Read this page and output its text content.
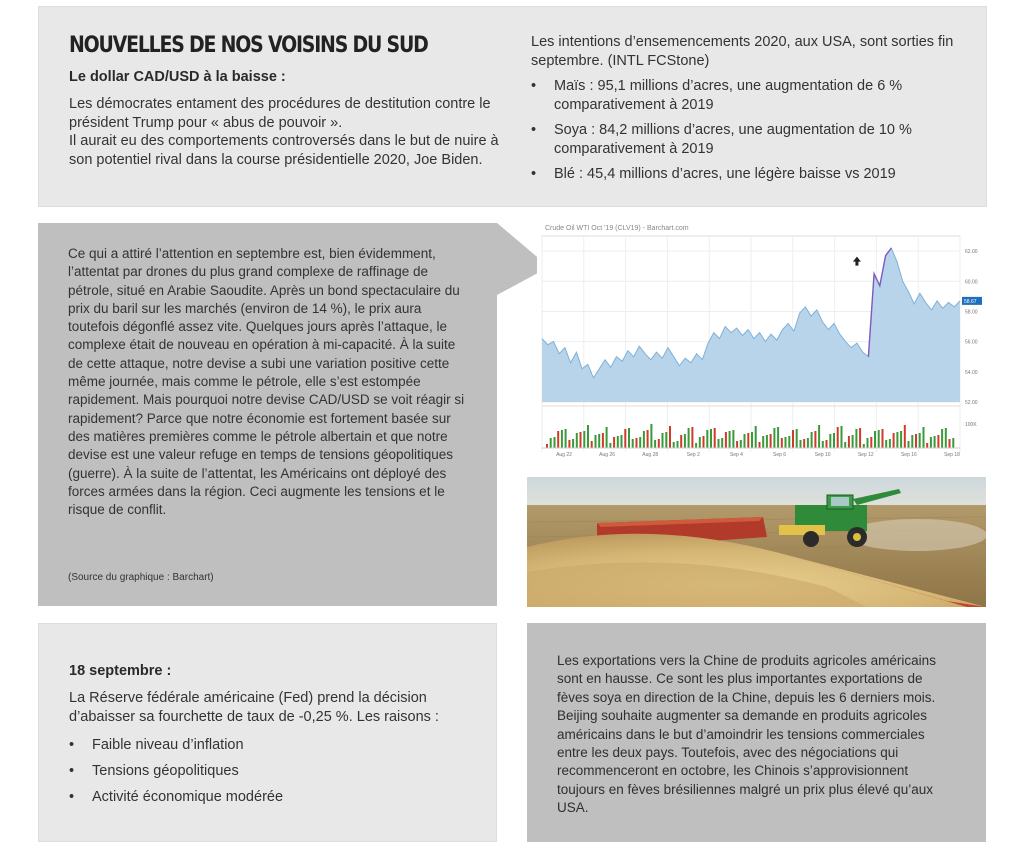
NOUVELLES DE NOS VOISINS DU SUD

Le dollar CAD/USD à la baisse :

Les démocrates entament des procédures de destitution contre le président Trump pour « abus de pouvoir ».
Il aurait eu des comportements controversés dans le but de nuire à son potentiel rival dans la course présidentielle 2020, Joe Biden.

Les intentions d’ensemencements 2020, aux USA, sont sorties fin septembre. (INTL FCStone)

• Maïs : 95,1 millions d’acres, une augmentation de 6 % comparativement à 2019
• Soya : 84,2 millions d’acres, une augmentation de 10 % comparativement à 2019
• Blé : 45,4 millions d’acres, une légère baisse vs 2019

Ce qui a attiré l’attention en septembre est, bien évidemment, l’attentat par drones du plus grand complexe de raffinage de pétrole, situé en Arabie Saoudite. Après un bond spectaculaire du prix du baril sur les marchés (environ de 14 %), le prix aura toutefois dégonflé assez vite. Quelques jours après l’attaque, le complexe était de nouveau en opération à mi-capacité. À la suite de cette attaque, notre devise a subi une variation positive cette même journée, mais comme le pétrole, elle s’est estompée rapidement. Mais pourquoi notre devise CAD/USD se voit réagir si rapidement? Parce que notre économie est fortement basée sur des matières premières comme le pétrole albertain et que notre devise est une valeur refuge en temps de tensions géopolitiques (guerre). À la suite de l’attentat, les Américains ont déployé des forces armées dans la région. Ceci augmente les tensions et le risque de conflit.

(Source du graphique : Barchart)

Crude Oil WTI Oct '19 (CLV19) - Barchart.com
62.00
60.00
58.00
56.00
54.00
52.00
58.67
100K
Aug 22	Aug 26	Aug 28	Sep 2	Sep 4	Sep 6	Sep 10	Sep 12	Sep 16	Sep 18

18 septembre :

La Réserve fédérale américaine (Fed) prend la décision d’abaisser sa fourchette de taux de -0,25 %. Les raisons :

• Faible niveau d’inflation
• Tensions géopolitiques
• Activité économique modérée

Les exportations vers la Chine de produits agricoles américains sont en hausse. Ce sont les plus importantes exportations de fèves soya en direction de la Chine, depuis les 6 derniers mois. Beijing souhaite augmenter sa demande en produits agricoles américains dans le but d’amoindrir les tensions commerciales entre les deux pays. Toutefois, avec des négociations qui recommenceront en octobre, les Chinois s’approvisionnent toujours en fèves brésiliennes malgré un prix plus élevé qu’aux USA.
